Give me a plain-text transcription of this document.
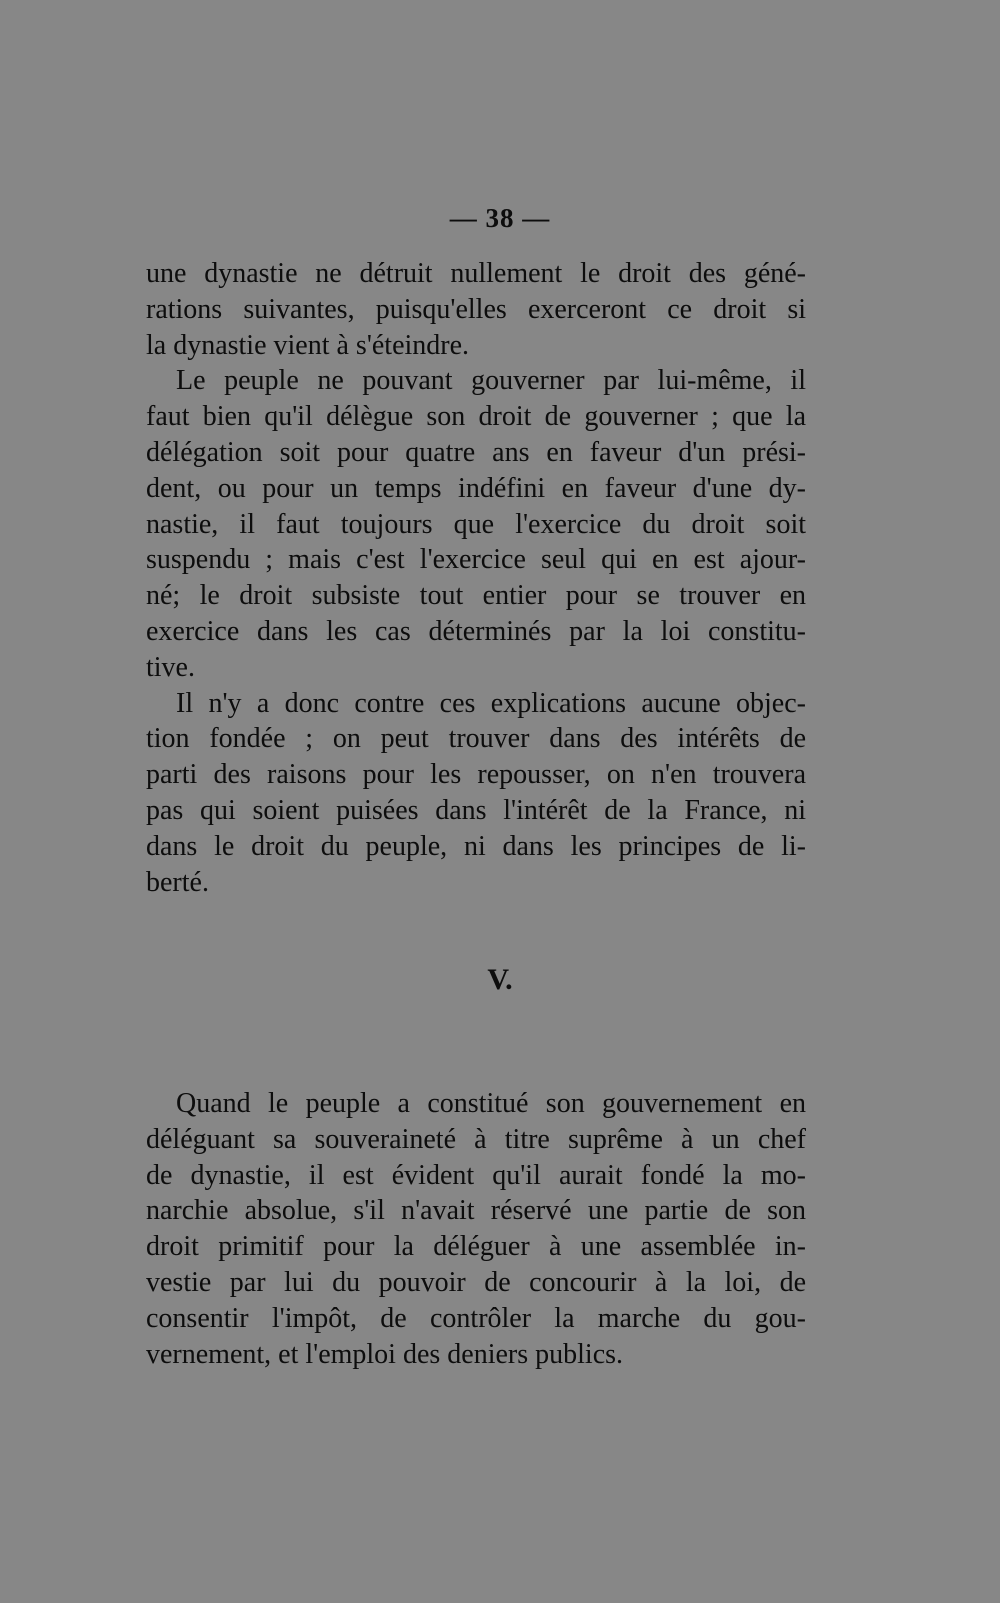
— 38 —
une dynastie ne détruit nullement le droit des géné-
rations suivantes, puisqu'elles exerceront ce droit si
la dynastie vient à s'éteindre.
Le peuple ne pouvant gouverner par lui-même, il
faut bien qu'il délègue son droit de gouverner ; que la
délégation soit pour quatre ans en faveur d'un prési-
dent, ou pour un temps indéfini en faveur d'une dy-
nastie, il faut toujours que l'exercice du droit soit
suspendu ; mais c'est l'exercice seul qui en est ajour-
né; le droit subsiste tout entier pour se trouver en
exercice dans les cas déterminés par la loi constitu-
tive.
Il n'y a donc contre ces explications aucune objec-
tion fondée ; on peut trouver dans des intérêts de
parti des raisons pour les repousser, on n'en trouvera
pas qui soient puisées dans l'intérêt de la France, ni
dans le droit du peuple, ni dans les principes de li-
berté.
V.
Quand le peuple a constitué son gouvernement en
déléguant sa souveraineté à titre suprême à un chef
de dynastie, il est évident qu'il aurait fondé la mo-
narchie absolue, s'il n'avait réservé une partie de son
droit primitif pour la déléguer à une assemblée in-
vestie par lui du pouvoir de concourir à la loi, de
consentir l'impôt, de contrôler la marche du gou-
vernement, et l'emploi des deniers publics.
